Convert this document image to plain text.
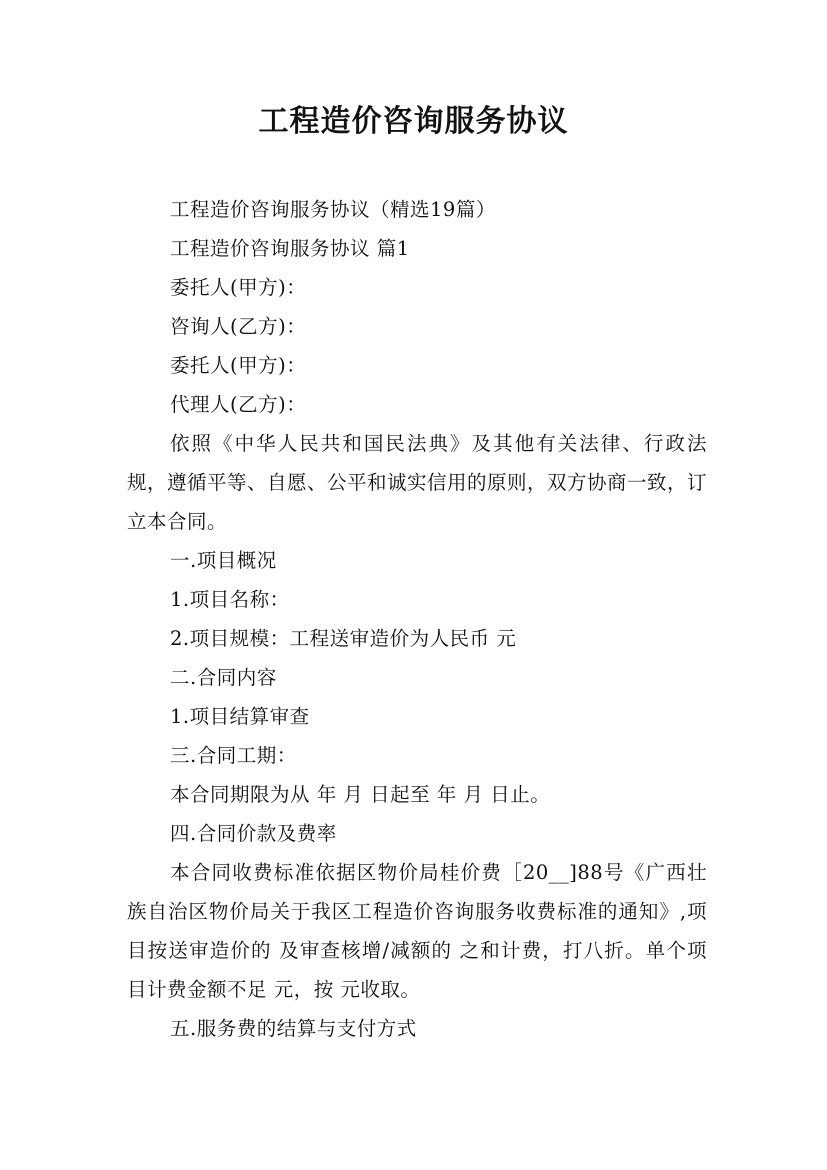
工程造价咨询服务协议

工程造价咨询服务协议（精选19篇）

工程造价咨询服务协议 篇1

委托人(甲方)：

咨询人(乙方)：

委托人(甲方)：

代理人(乙方)：

依照《中华人民共和国民法典》及其他有关法律、行政法规，遵循平等、自愿、公平和诚实信用的原则，双方协商一致，订立本合同。

一.项目概况

1.项目名称：

2.项目规模：工程送审造价为人民币 元

二.合同内容

1.项目结算审查

三.合同工期：

本合同期限为从 年 月 日起至 年 月 日止。

四.合同价款及费率

本合同收费标准依据区物价局桂价费［20__]88号《广西壮族自治区物价局关于我区工程造价咨询服务收费标准的通知》,项目按送审造价的 及审查核增/减额的 之和计费，打八折。单个项目计费金额不足 元，按 元收取。

五.服务费的结算与支付方式
